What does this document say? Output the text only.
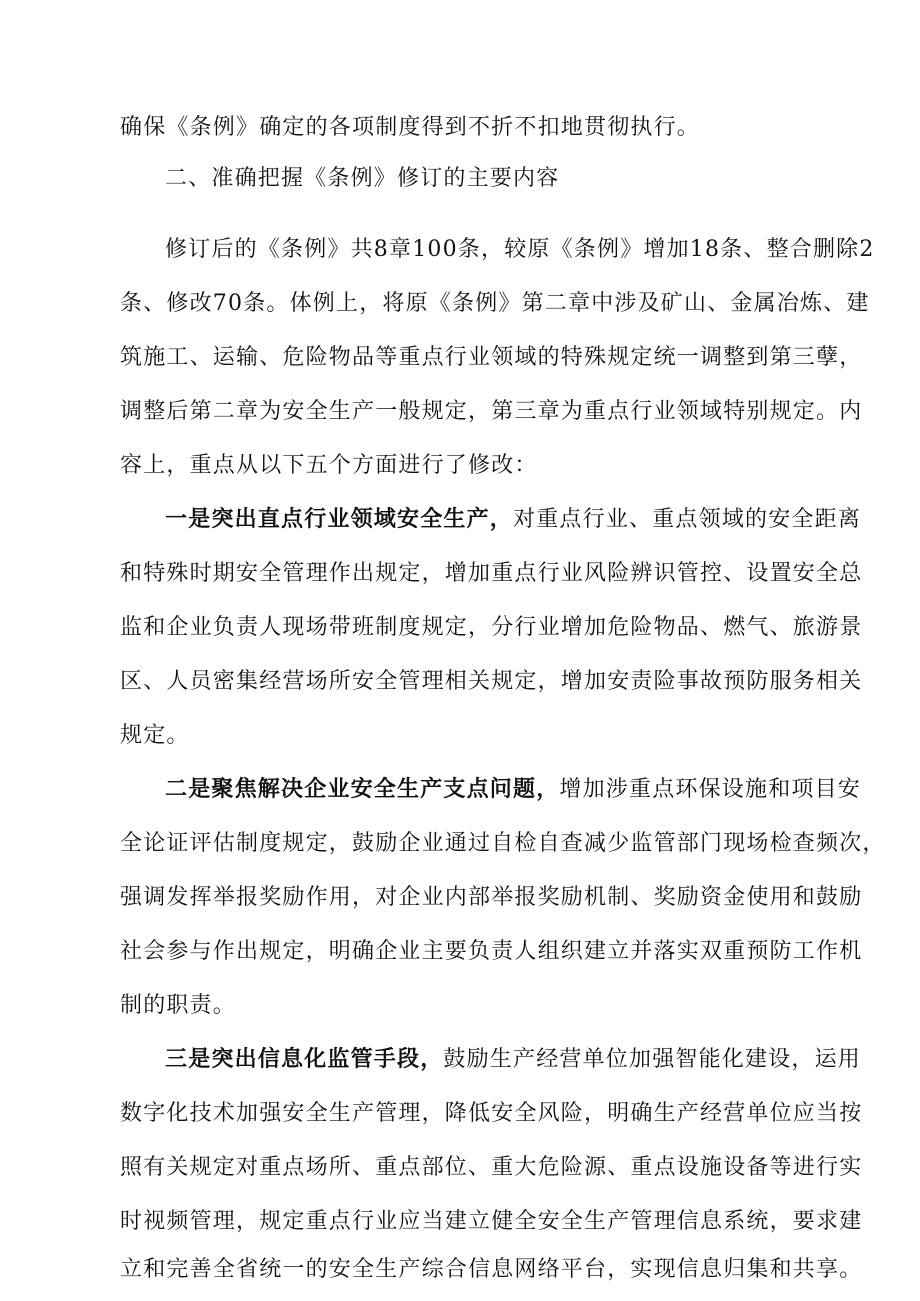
确保《条例》确定的各项制度得到不折不扣地贯彻执行。
二、准确把握《条例》修订的主要内容
修订后的《条例》共8章100条，较原《条例》增加18条、整合删除2
条、修改70条。体例上，将原《条例》第二章中涉及矿山、金属冶炼、建
筑施工、运输、危险物品等重点行业领域的特殊规定统一调整到第三孽，
调整后第二章为安全生产一般规定，第三章为重点行业领域特别规定。内
容上，重点从以下五个方面进行了修改：
一是突出直点行业领域安全生产，对重点行业、重点领域的安全距离
和特殊时期安全管理作出规定，增加重点行业风险辨识管控、设置安全总
监和企业负责人现场带班制度规定，分行业增加危险物品、燃气、旅游景
区、人员密集经营场所安全管理相关规定，增加安责险事故预防服务相关
规定。
二是聚焦解决企业安全生产支点问题，增加涉重点环保设施和项目安
全论证评估制度规定，鼓励企业通过自检自查减少监管部门现场检查频次，
强调发挥举报奖励作用，对企业内部举报奖励机制、奖励资金使用和鼓励
社会参与作出规定，明确企业主要负责人组织建立并落实双重预防工作机
制的职责。
三是突出信息化监管手段，鼓励生产经营单位加强智能化建设，运用
数字化技术加强安全生产管理，降低安全风险，明确生产经营单位应当按
照有关规定对重点场所、重点部位、重大危险源、重点设施设备等进行实
时视频管理，规定重点行业应当建立健全安全生产管理信息系统，要求建
立和完善全省统一的安全生产综合信息网络平台，实现信息归集和共享。
